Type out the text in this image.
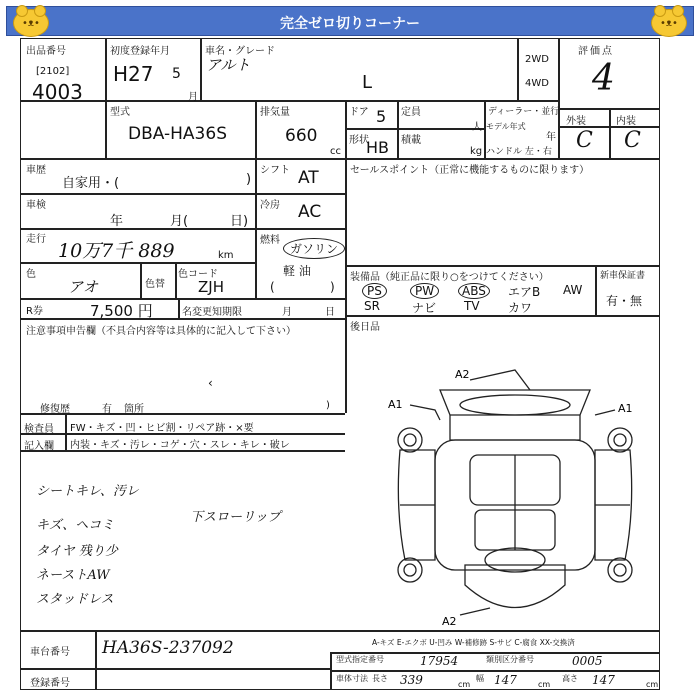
•ᴥ•	完全ゼロ切りコーナー	•ᴥ•
出品番号
[2102]
4003
初度登録年月
H27 5
月
車名・グレード
アルト
L
2WD
4WD
評価点
4
外装	内装
C C
型式
DBA-HA36S
排気量
660
cc
ドア 5
形状
HB
定員
人
積載
kg
ディーラー・並行
モデル年式
年
ハンドル 左・右
車歴
自家用・(	)
シフト AT
車検
年	月(	日)
冷房 AC
走行
10万7千 889	km
燃料
ガソリン
軽 油
(	)
色
アオ	色替
色コード
ZJH
R券	7,500 円	名変更知期限	月	日
セールスポイント（正常に機能するものに限ります）
装備品（純正品に限り○をつけてください）
PS	PW	ABS	エアB AW
SR	ナビ TV カワ
新車保証書
有・無
後日品
注意事項申告欄（不具合内容等は具体的に記入して下さい）
‹
修復歴	有 箇所	)
検査員
記入欄
FW・キズ・凹・ヒビ割・リペア跡・×要
内装・キズ・汚レ・コゲ・穴・スレ・キレ・破レ
シートキレ、汚レ
キズ、ヘコミ
タイヤ 残り少
ネーストAW
スタッドレス
下スローリップ
A2
A1	A1
A2
A-キズ E-エクボ U-凹み W-補修跡 S-サビ C-腐食 XX-交換済
車台番号 HA36S-237092
登録番号
型式指定番号	17954	類別区分番号	0005
車体寸法 長さ 339	cm
幅 147	cm
高さ 147	cm
